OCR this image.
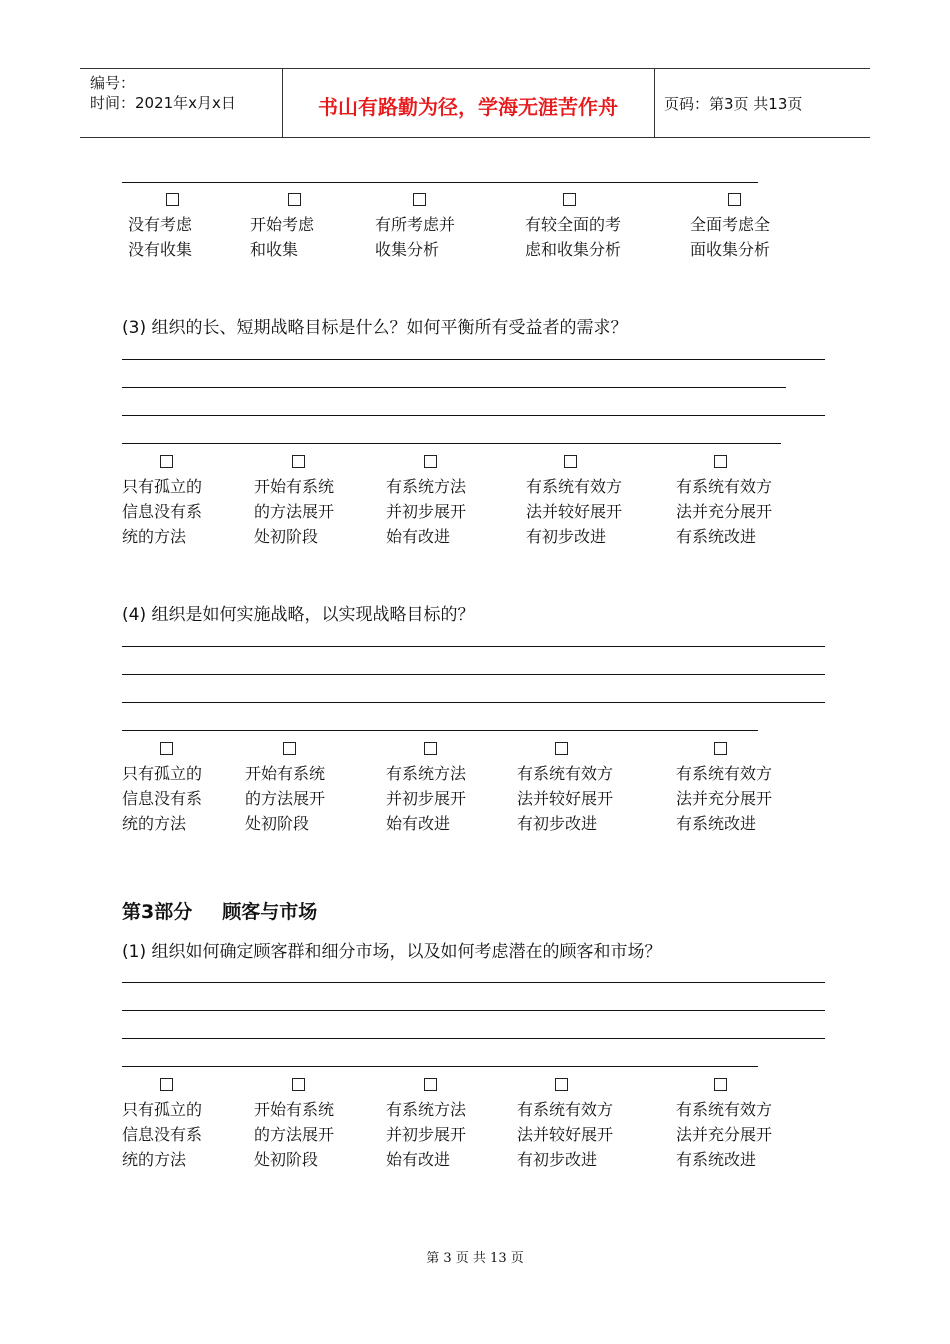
编号：
时间：2021年x月x日	书山有路勤为径，学海无涯苦作舟	页码：第3页 共13页
没有考虑
没有收集
开始考虑
和收集
有所考虑并
收集分析
有较全面的考
虑和收集分析
全面考虑全
面收集分析
(3) 组织的长、短期战略目标是什么？如何平衡所有受益者的需求？
只有孤立的
信息没有系
统的方法
开始有系统
的方法展开
处初阶段
有系统方法
并初步展开
始有改进
有系统有效方
法并较好展开
有初步改进
有系统有效方
法并充分展开
有系统改进
(4) 组织是如何实施战略，以实现战略目标的？
只有孤立的
信息没有系
统的方法
开始有系统
的方法展开
处初阶段
有系统方法
并初步展开
始有改进
有系统有效方
法并较好展开
有初步改进
有系统有效方
法并充分展开
有系统改进
第3部分 顾客与市场
(1) 组织如何确定顾客群和细分市场，以及如何考虑潜在的顾客和市场？
只有孤立的
信息没有系
统的方法
开始有系统
的方法展开
处初阶段
有系统方法
并初步展开
始有改进
有系统有效方
法并较好展开
有初步改进
有系统有效方
法并充分展开
有系统改进
第 3 页 共 13 页
